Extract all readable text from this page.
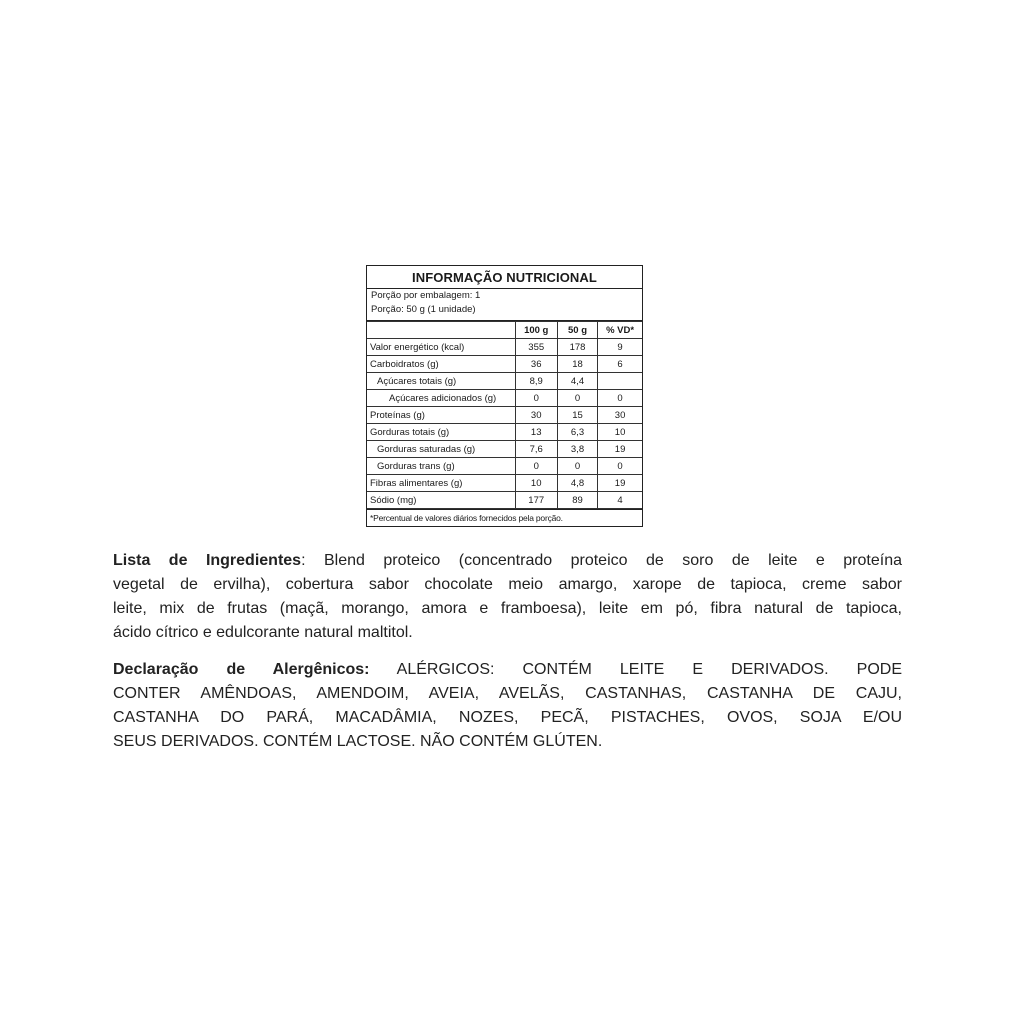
INFORMAÇÃO NUTRICIONAL
Porção por embalagem: 1
Porção: 50 g (1 unidade)
	100 g	50 g	% VD*
Valor energético (kcal)	355	178	9
Carboidratos (g)	36	18	6
Açúcares totais (g)	8,9	4,4	
Açúcares adicionados (g)	0	0	0
Proteínas (g)	30	15	30
Gorduras totais (g)	13	6,3	10
Gorduras saturadas (g)	7,6	3,8	19
Gorduras trans (g)	0	0	0
Fibras alimentares (g)	10	4,8	19
Sódio (mg)	177	89	4
*Percentual de valores diários fornecidos pela porção.
Lista de Ingredientes: Blend proteico (concentrado proteico de soro de leite e proteína
vegetal de ervilha), cobertura sabor chocolate meio amargo, xarope de tapioca, creme sabor
leite, mix de frutas (maçã, morango, amora e framboesa), leite em pó, fibra natural de tapioca,
ácido cítrico e edulcorante natural maltitol.
Declaração de Alergênicos: ALÉRGICOS: CONTÉM LEITE E DERIVADOS. PODE
CONTER AMÊNDOAS, AMENDOIM, AVEIA, AVELÃS, CASTANHAS, CASTANHA DE CAJU,
CASTANHA DO PARÁ, MACADÂMIA, NOZES, PECÃ, PISTACHES, OVOS, SOJA E/OU
SEUS DERIVADOS. CONTÉM LACTOSE. NÃO CONTÉM GLÚTEN.
